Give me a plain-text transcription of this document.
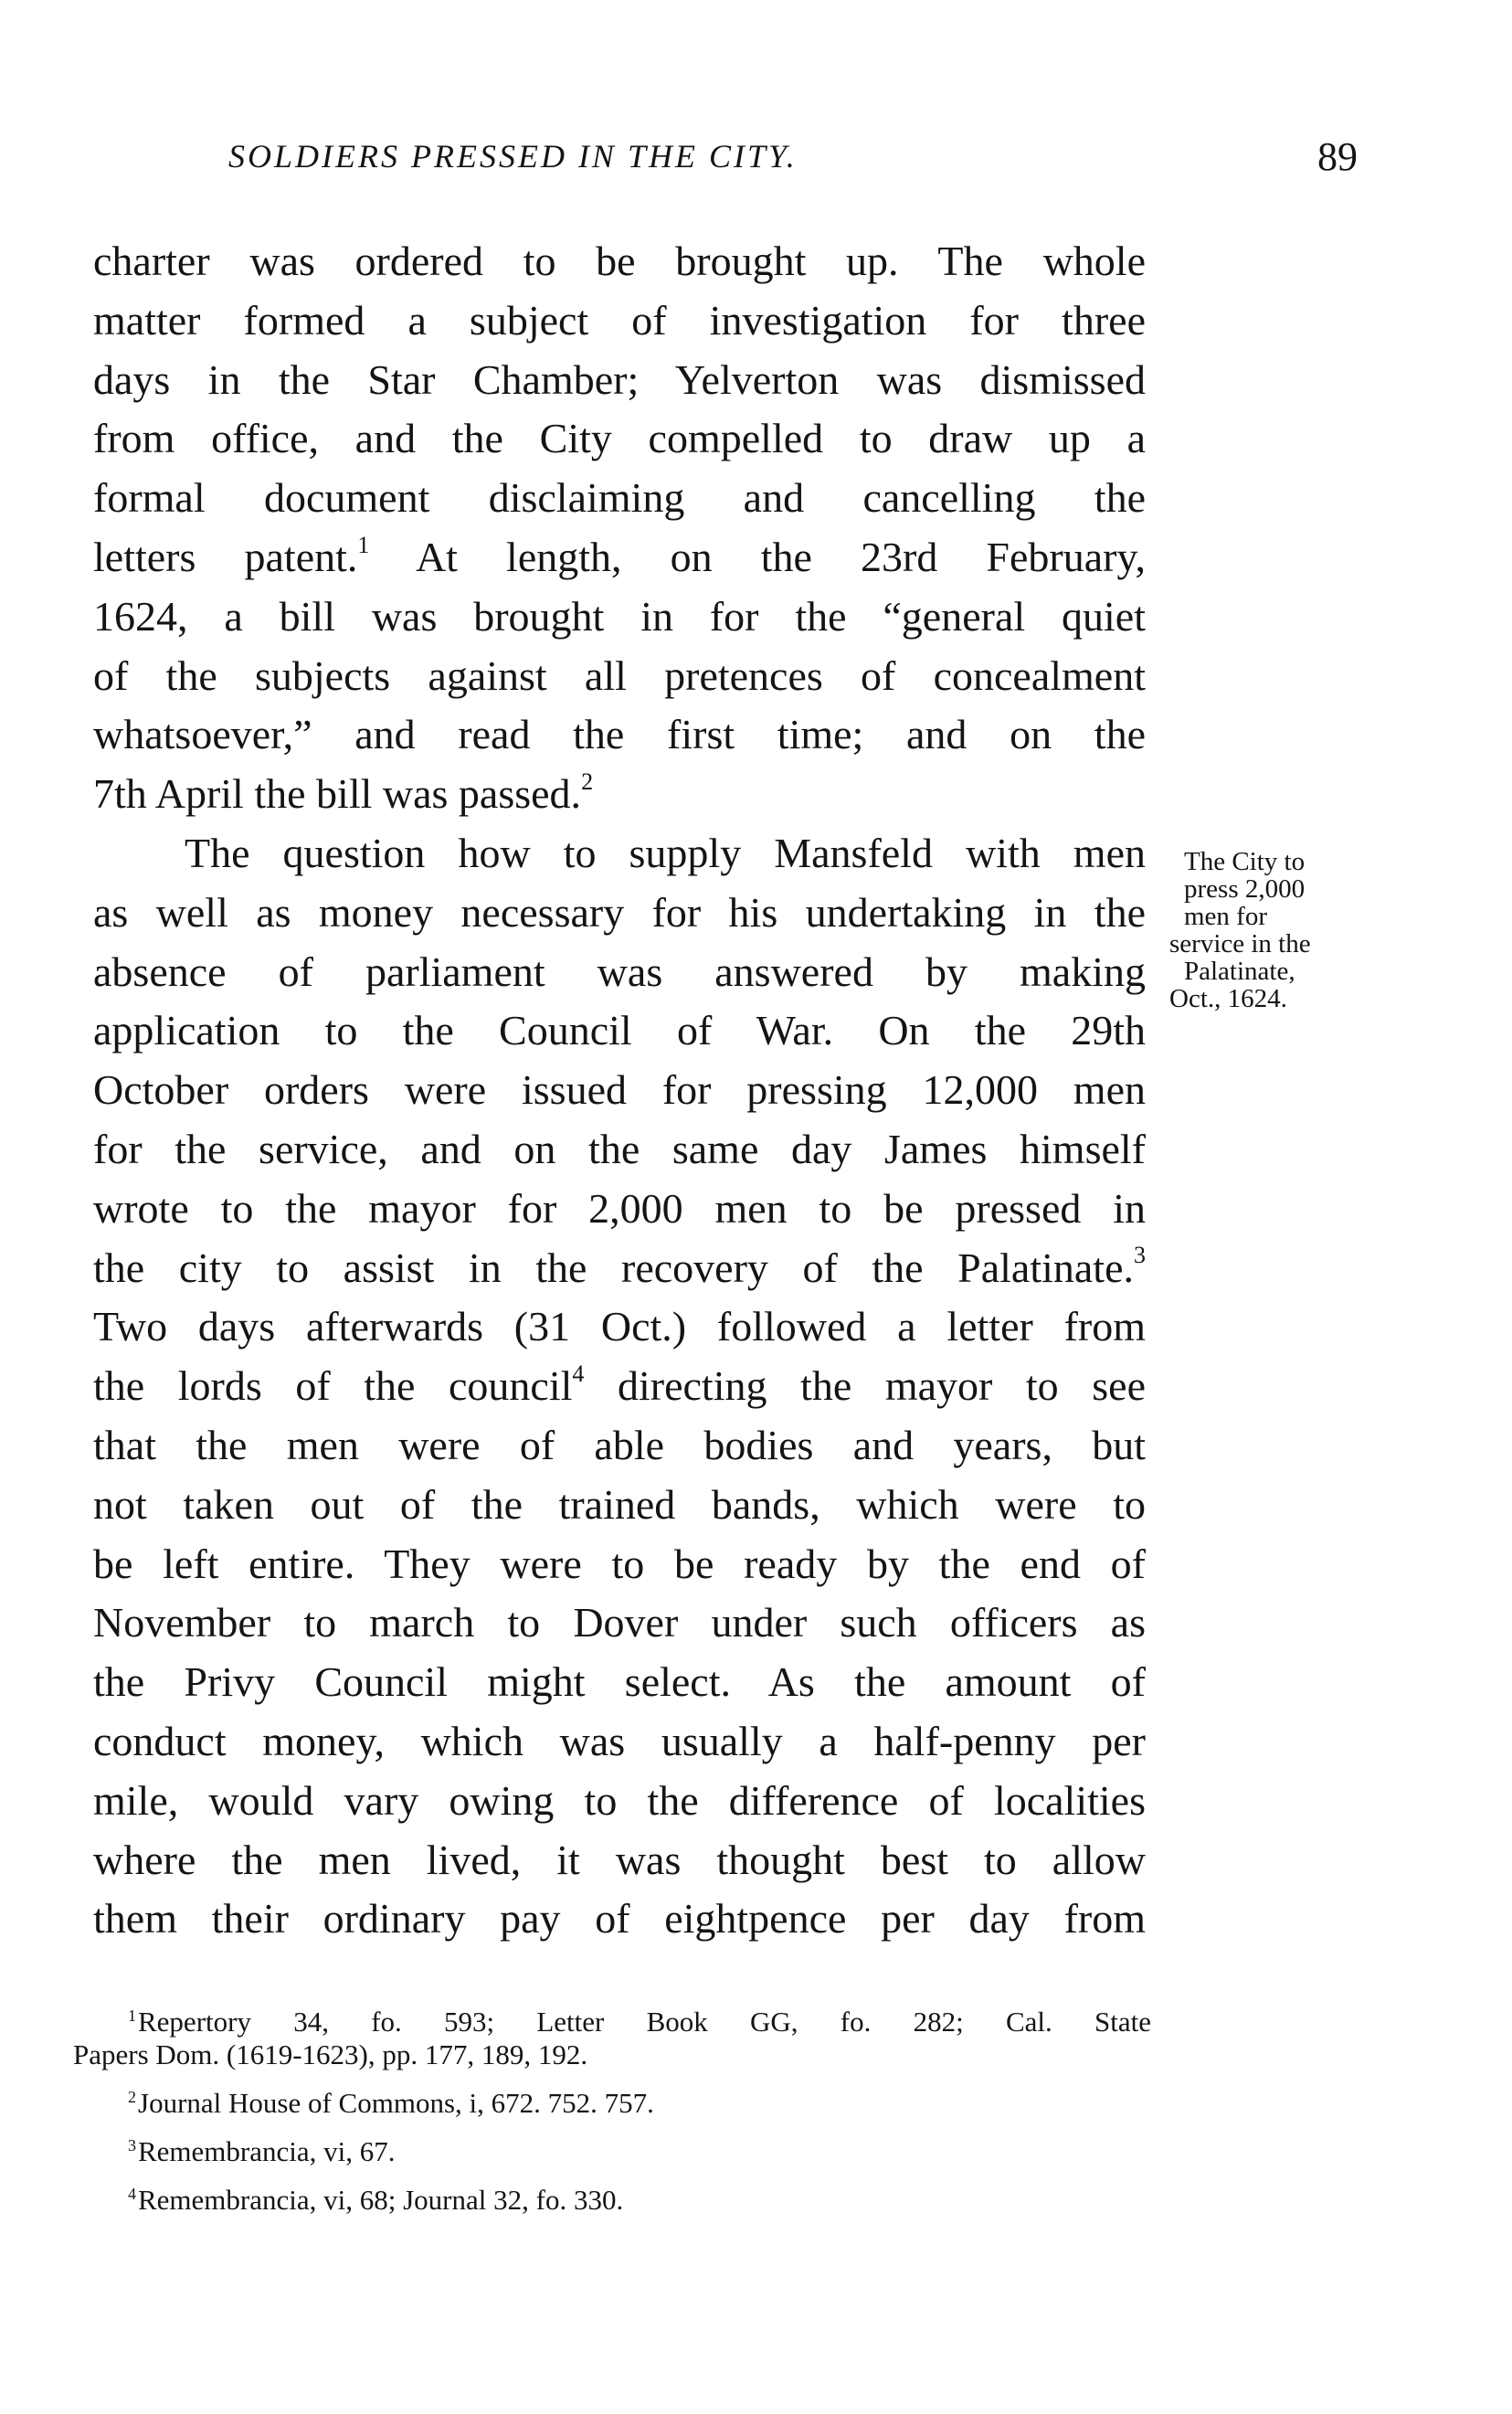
SOLDIERS PRESSED IN THE CITY.	89
charter was ordered to be brought up. The whole
matter formed a subject of investigation for three
days in the Star Chamber; Yelverton was dismissed
from office, and the City compelled to draw up a
formal document disclaiming and cancelling the
letters patent.$^1$ At length, on the 23rd February,
1624, a bill was brought in for the “general quiet
of the subjects against all pretences of concealment
whatsoever,” and read the first time; and on the
7th April the bill was passed.$^2$
The question how to supply Mansfeld with men
as well as money necessary for his undertaking in the
absence of parliament was answered by making
application to the Council of War. On the 29th
October orders were issued for pressing 12,000 men
for the service, and on the same day James himself
wrote to the mayor for 2,000 men to be pressed in
the city to assist in the recovery of the Palatinate.$^3$
Two days afterwards (31 Oct.) followed a letter from
the lords of the council$^4$ directing the mayor to see
that the men were of able bodies and years, but
not taken out of the trained bands, which were to
be left entire. They were to be ready by the end of
November to march to Dover under such officers as
the Privy Council might select. As the amount of
conduct money, which was usually a half-penny per
mile, would vary owing to the difference of localities
where the men lived, it was thought best to allow
them their ordinary pay of eightpence per day from
The City to
press 2,000
men for
service in the
Palatinate,
Oct., 1624.
$^1$Repertory 34, fo. 593; Letter Book GG, fo. 282; Cal. State
Papers Dom. (1619-1623), pp. 177, 189, 192.
$^2$Journal House of Commons, i, 672. 752. 757.
$^3$Remembrancia, vi, 67.
$^4$Remembrancia, vi, 68; Journal 32, fo. 330.
